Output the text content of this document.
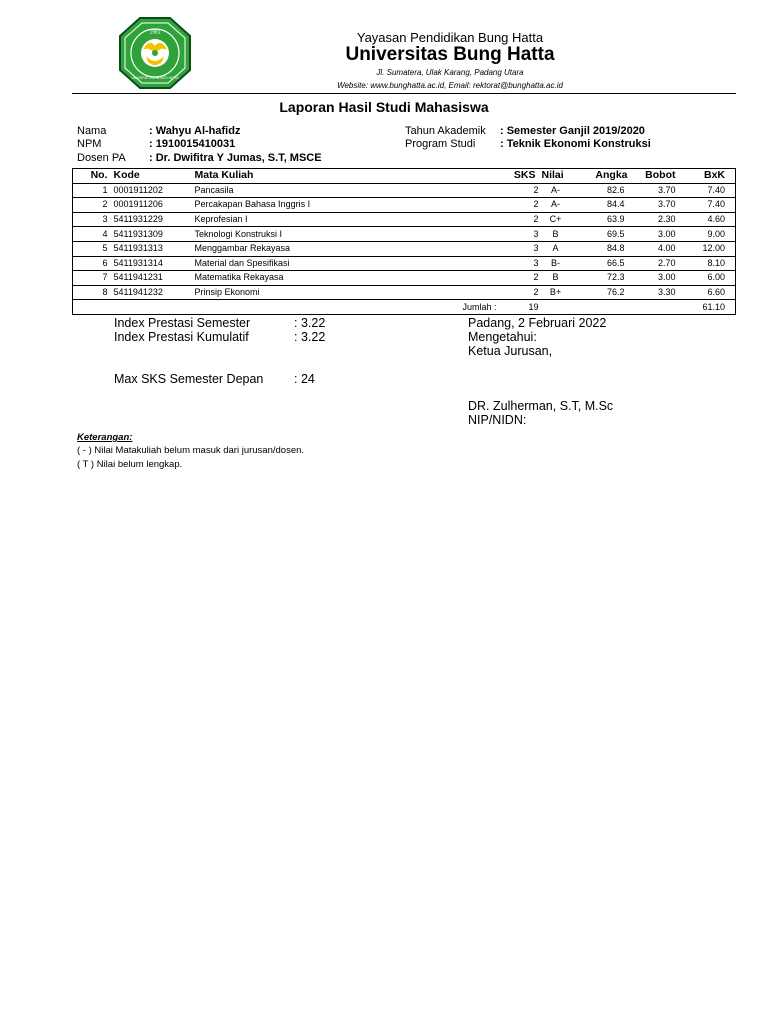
1981
UNIVERSITAS BUNG HATTA
Yayasan Pendidikan Bung Hatta
Universitas Bung Hatta
Jl. Sumatera, Ulak Karang, Padang Utara
Website: www.bunghatta.ac.id, Email: rektorat@bunghatta.ac.id
Laporan Hasil Studi Mahasiswa
Nama	: Wahyu Al-hafidz
NPM	: 1910015410031
Dosen PA : Dr. Dwifitra Y Jumas, S.T, MSCE
Tahun Akademik : Semester Ganjil 2019/2020
Program Studi : Teknik Ekonomi Konstruksi
No.	Kode	Mata Kuliah	SKS	Nilai	Angka	Bobot	BxK
1	0001911202	Pancasila	2	A-	82.6	3.70	7.40
2	0001911206	Percakapan Bahasa Inggris I	2	A-	84.4	3.70	7.40
3	5411931229	Keprofesian I	2	C+	63.9	2.30	4.60
4	5411931309	Teknologi Konstruksi I	3	B	69.5	3.00	9.00
5	5411931313	Menggambar Rekayasa	3	A	84.8	4.00	12.00
6	5411931314	Material dan Spesifikasi	3	B-	66.5	2.70	8.10
7	5411941231	Matematika Rekayasa	2	B	72.3	3.00	6.00
8	5411941232	Prinsip Ekonomi	2	B+	76.2	3.30	6.60
		Jumlah :	19				61.10
Index Prestasi Semester	: 3.22
Index Prestasi Kumulatif	: 3.22
Max SKS Semester Depan : 24
Padang, 2 Februari 2022
Mengetahui:
Ketua Jurusan,
DR. Zulherman, S.T, M.Sc
NIP/NIDN:
Keterangan:
( - ) Nilai Matakuliah belum masuk dari jurusan/dosen.
( T ) Nilai belum lengkap.
